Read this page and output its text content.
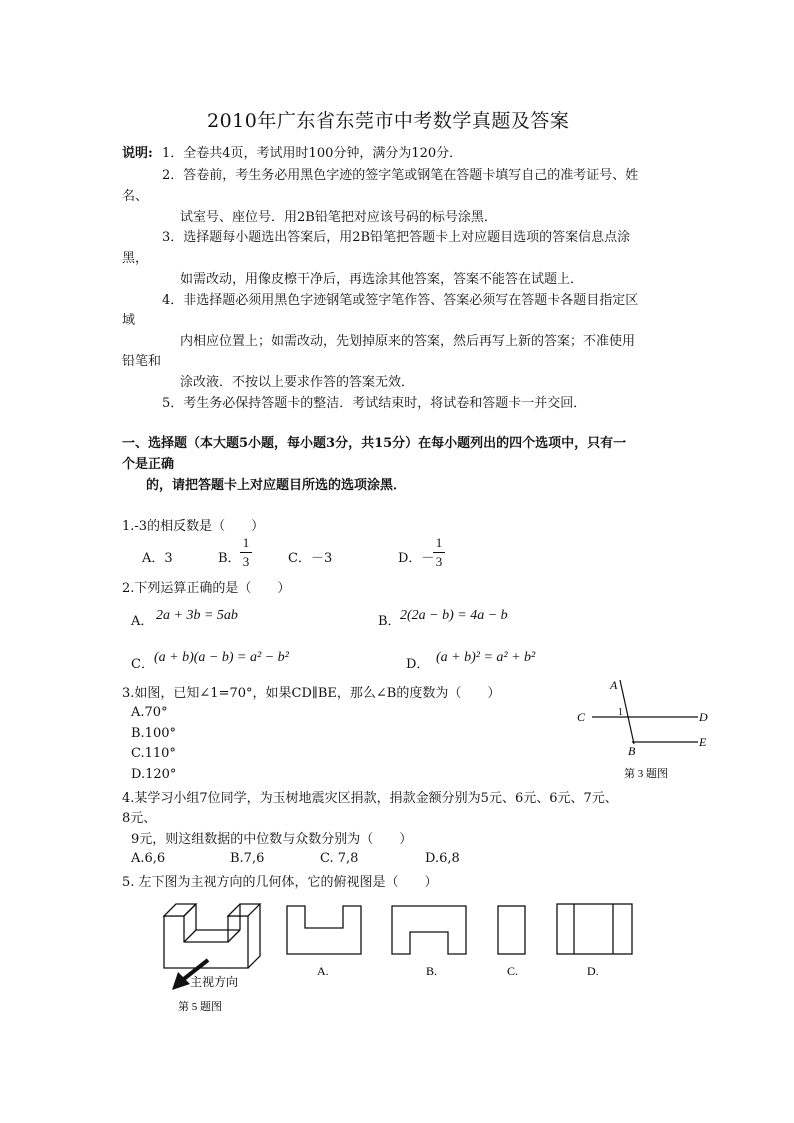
2010年广东省东莞市中考数学真题及答案
说明: 1．全卷共4页，考试用时100分钟，满分为120分．
2．答卷前，考生务必用黑色字迹的签字笔或钢笔在答题卡填写自己的准考证号、姓
名、
试室号、座位号．用2B铅笔把对应该号码的标号涂黑．
3．选择题每小题选出答案后，用2B铅笔把答题卡上对应题目选项的答案信息点涂
黑，
如需改动，用像皮檫干净后，再选涂其他答案，答案不能答在试题上．
4．非选择题必须用黑色字迹钢笔或签字笔作答、答案必须写在答题卡各题目指定区
域
内相应位置上；如需改动，先划掉原来的答案，然后再写上新的答案；不准使用
铅笔和
涂改液．不按以上要求作答的答案无效．
5．考生务必保持答题卡的整洁．考试结束时，将试卷和答题卡一并交回．
一、选择题（本大题5小题，每小题3分，共15分）在每小题列出的四个选项中，只有一
个是正确
的，请把答题卡上对应题目所选的选项涂黑．
1.-3的相反数是（　　）
A．3	B．
1
3	C．－3	D．－
1
3
2.下列运算正确的是（　　）
A． 2a + 3b = 5ab	B． 2(2a − b) = 4a − b
C． (a + b)(a − b) = a² − b²	D． (a + b)² = a² + b²
3.如图，已知∠1=70°，如果CD∥BE，那么∠B的度数为（　　）
A.70°
B.100°
C.110°
D.120°
A
C	D
B
E
1
第 3 题图
4.某学习小组7位同学，为玉树地震灾区捐款，捐款金额分别为5元、6元、6元、7元、
8元、
9元，则这组数据的中位数与众数分别为（　　）
A.6,6	B.7,6	C. 7,8	D.6,8
5. 左下图为主视方向的几何体，它的俯视图是（　　）
主视方向
第 5 题图
A.	B.	C.	D.
